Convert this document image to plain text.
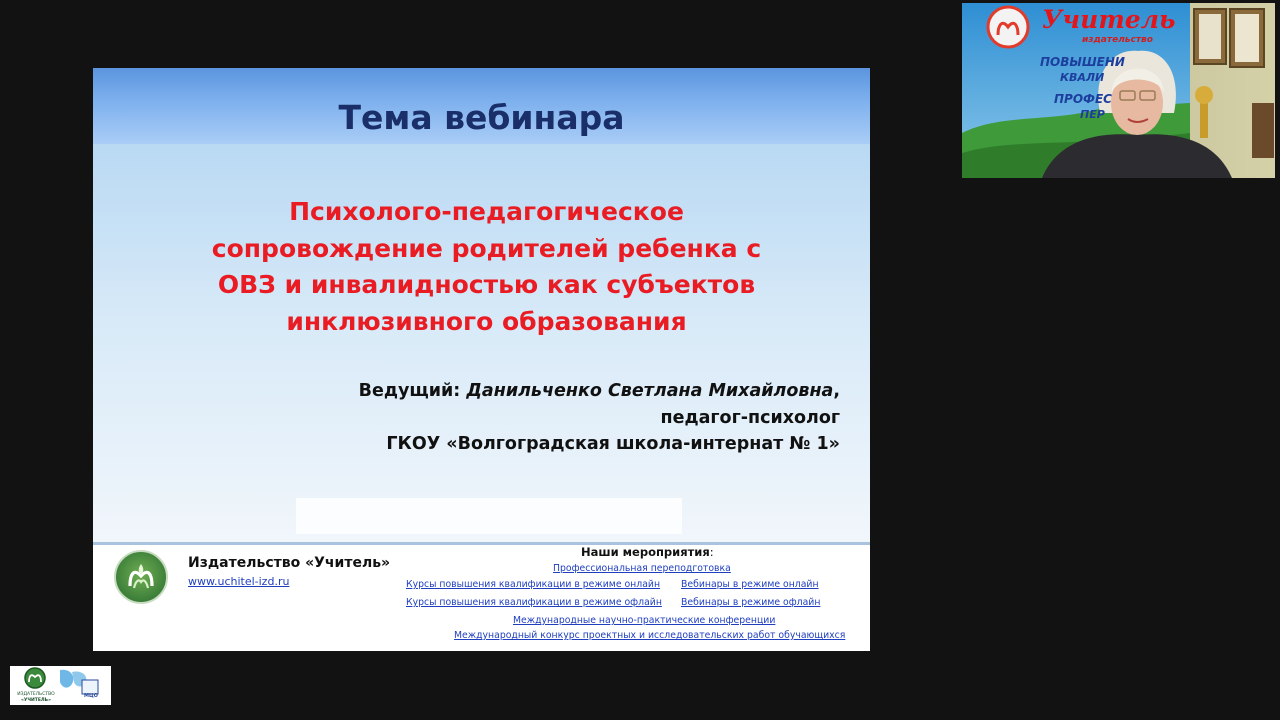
Тема вебинара
Психолого-педагогическое
сопровождение родителей ребенка с
ОВЗ и инвалидностью как субъектов
инклюзивного образования
Ведущий: Данильченко Светлана Михайловна,
педагог-психолог
ГКОУ «Волгоградская школа-интернат № 1»
Издательство «Учитель»
www.uchitel-izd.ru
Наши мероприятия:
Профессиональная переподготовка
Курсы повышения квалификации в режиме онлайн Вебинары в режиме онлайн
Курсы повышения квалификации в режиме офлайн Вебинары в режиме офлайн
Международные научно-практические конференции
Международный конкурс проектных и исследовательских работ обучающихся
Учитель
издательство
ПОВЫШЕНИ
КВАЛИ
ПРОФЕС
ПЕР
ИЗДАТЕЛЬСТВО
«УЧИТЕЛЬ»
МЦО
